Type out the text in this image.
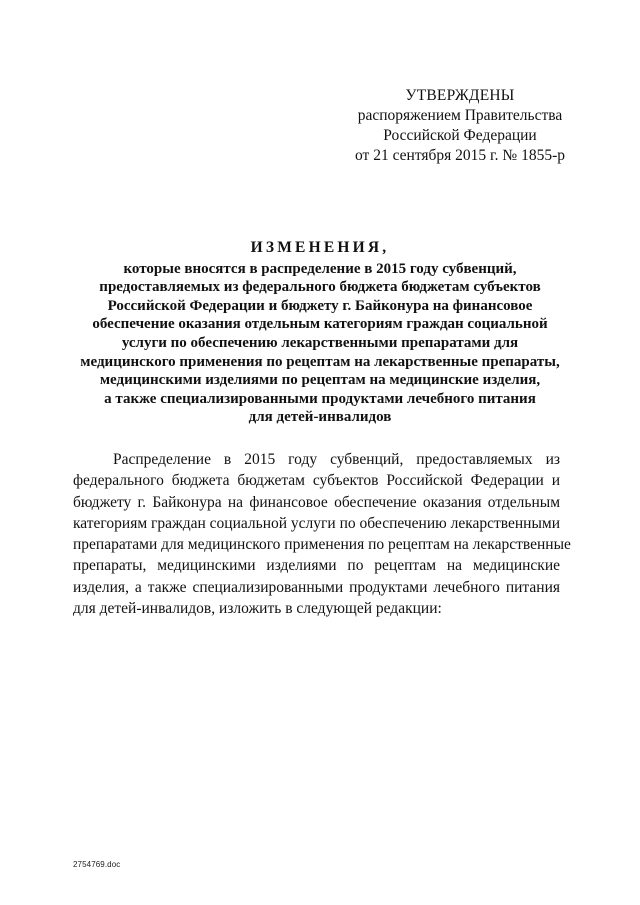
УТВЕРЖДЕНЫ
распоряжением Правительства
Российской Федерации
от 21 сентября 2015 г. № 1855-р
ИЗМЕНЕНИЯ,
которые вносятся в распределение в 2015 году субвенций,
предоставляемых из федерального бюджета бюджетам субъектов
Российской Федерации и бюджету г. Байконура на финансовое
обеспечение оказания отдельным категориям граждан социальной
услуги по обеспечению лекарственными препаратами для
медицинского применения по рецептам на лекарственные препараты,
медицинскими изделиями по рецептам на медицинские изделия,
а также специализированными продуктами лечебного питания
для детей-инвалидов
Распределение в 2015 году субвенций, предоставляемых из
федерального бюджета бюджетам субъектов Российской Федерации и
бюджету г. Байконура на финансовое обеспечение оказания отдельным
категориям граждан социальной услуги по обеспечению лекарственными
препаратами для медицинского применения по рецептам на лекарственные
препараты, медицинскими изделиями по рецептам на медицинские
изделия, а также специализированными продуктами лечебного питания
для детей-инвалидов, изложить в следующей редакции:
2754769.doc
